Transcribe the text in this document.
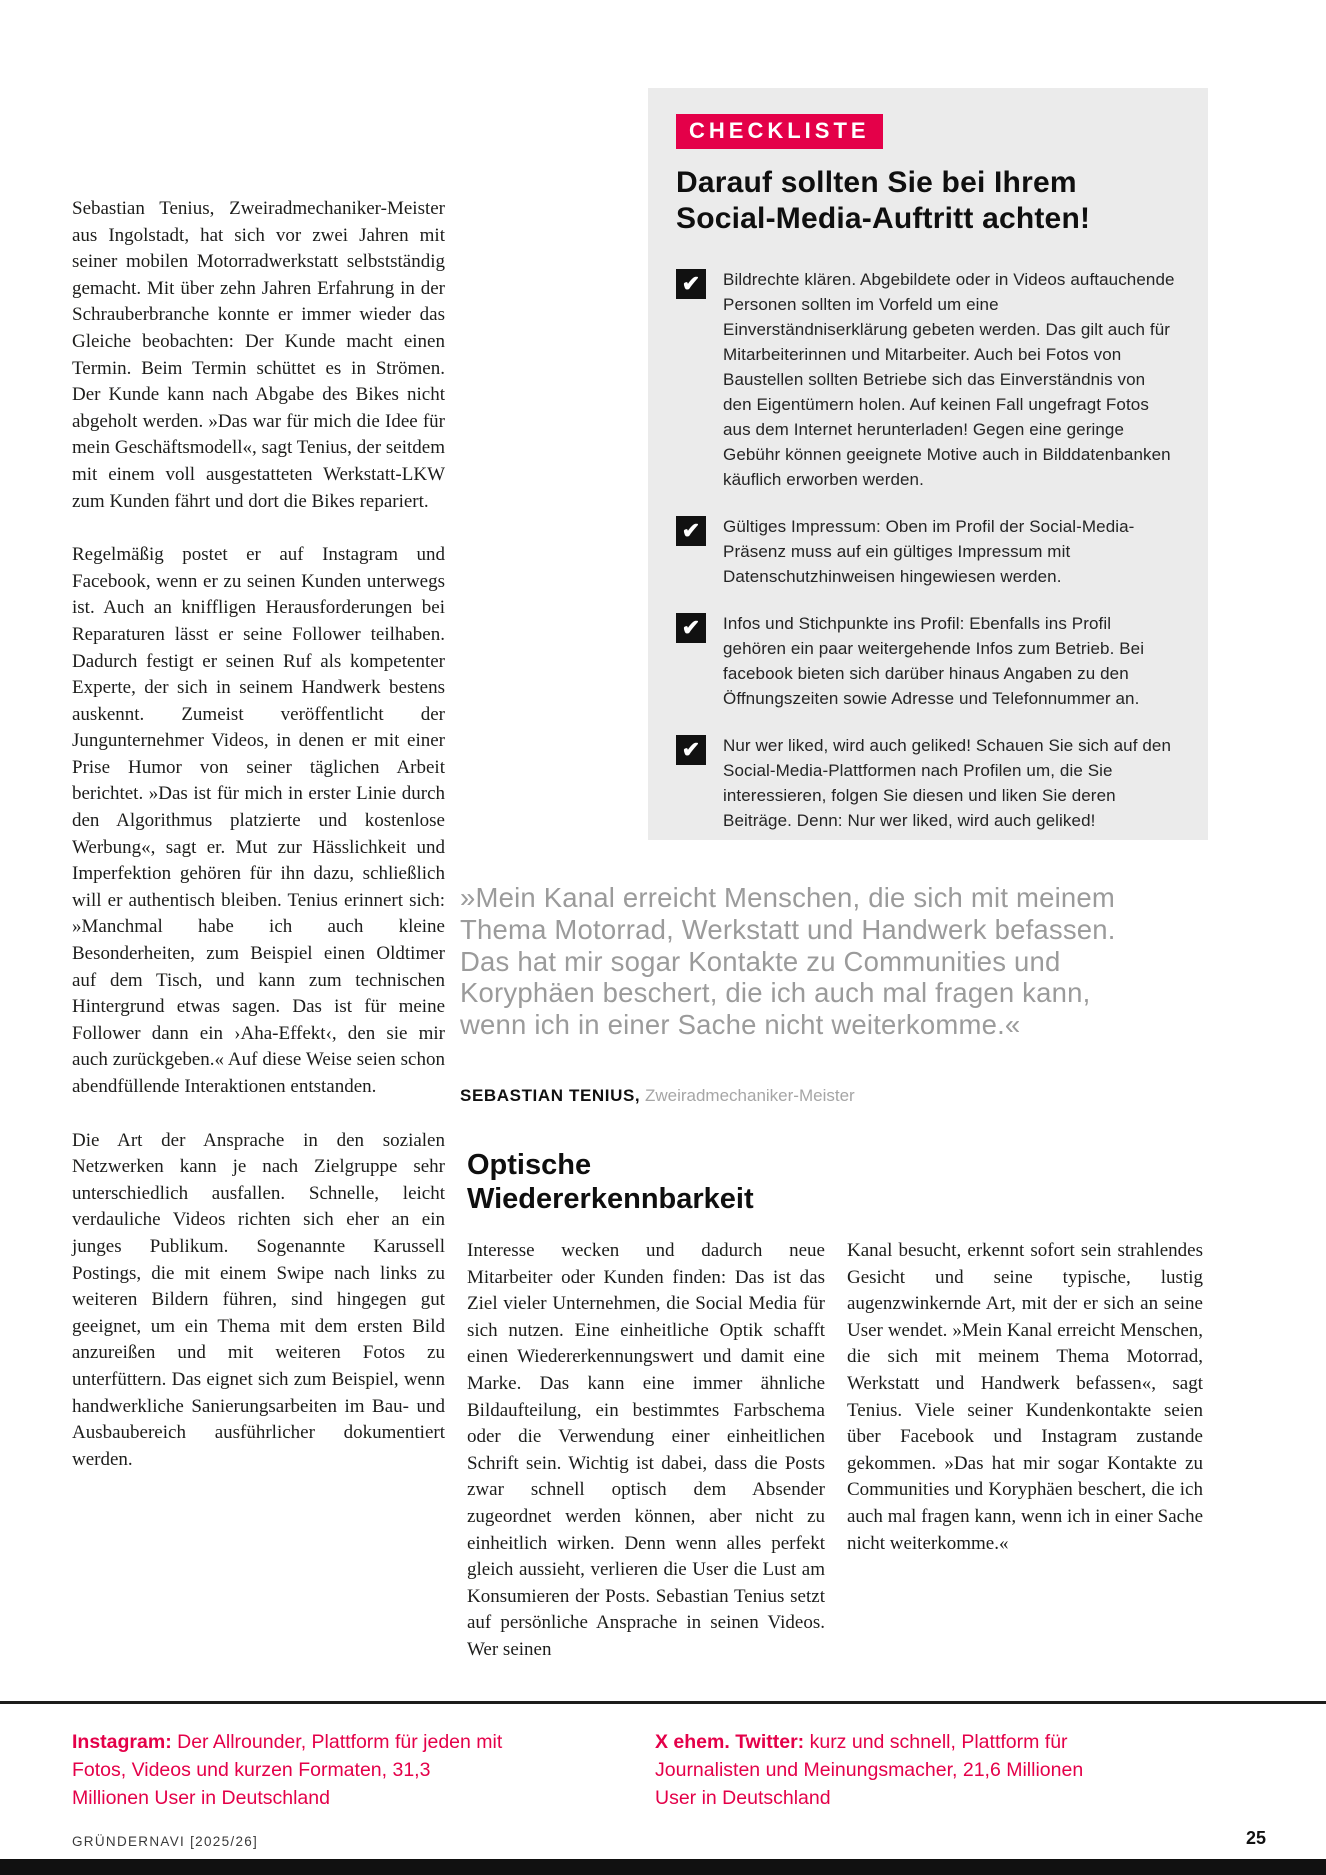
Sebastian Tenius, Zweiradmechaniker-Meister aus Ingolstadt, hat sich vor zwei Jahren mit seiner mobilen Motorradwerkstatt selbstständig gemacht. Mit über zehn Jahren Erfahrung in der Schrauberbranche konnte er immer wieder das Gleiche beobachten: Der Kunde macht einen Termin. Beim Termin schüttet es in Strömen. Der Kunde kann nach Abgabe des Bikes nicht abgeholt werden. »Das war für mich die Idee für mein Geschäftsmodell«, sagt Tenius, der seitdem mit einem voll ausgestatteten Werkstatt-LKW zum Kunden fährt und dort die Bikes repariert.

Regelmäßig postet er auf Instagram und Facebook, wenn er zu seinen Kunden unterwegs ist. Auch an kniffligen Herausforderungen bei Reparaturen lässt er seine Follower teilhaben. Dadurch festigt er seinen Ruf als kompetenter Experte, der sich in seinem Handwerk bestens auskennt. Zumeist veröffentlicht der Jungunternehmer Videos, in denen er mit einer Prise Humor von seiner täglichen Arbeit berichtet. »Das ist für mich in erster Linie durch den Algorithmus platzierte und kostenlose Werbung«, sagt er. Mut zur Hässlichkeit und Imperfektion gehören für ihn dazu, schließlich will er authentisch bleiben. Tenius erinnert sich: »Manchmal habe ich auch kleine Besonderheiten, zum Beispiel einen Oldtimer auf dem Tisch, und kann zum technischen Hintergrund etwas sagen. Das ist für meine Follower dann ein ›Aha-Effekt‹, den sie mir auch zurückgeben.« Auf diese Weise seien schon abendfüllende Interaktionen entstanden.

Die Art der Ansprache in den sozialen Netzwerken kann je nach Zielgruppe sehr unterschiedlich ausfallen. Schnelle, leicht verdauliche Videos richten sich eher an ein junges Publikum. Sogenannte Karussell Postings, die mit einem Swipe nach links zu weiteren Bildern führen, sind hingegen gut geeignet, um ein Thema mit dem ersten Bild anzureißen und mit weiteren Fotos zu unterfüttern. Das eignet sich zum Beispiel, wenn handwerkliche Sanierungsarbeiten im Bau- und Ausbaubereich ausführlicher dokumentiert werden.

CHECKLISTE
Darauf sollten Sie bei Ihrem Social-Media-Auftritt achten!
✔	Bildrechte klären. Abgebildete oder in Videos auftauchende Personen sollten im Vorfeld um eine Einverständniserklärung gebeten werden. Das gilt auch für Mitarbeiterinnen und Mitarbeiter. Auch bei Fotos von Baustellen sollten Betriebe sich das Einverständnis von den Eigentümern holen. Auf keinen Fall ungefragt Fotos aus dem Internet herunterladen! Gegen eine geringe Gebühr können geeignete Motive auch in Bilddatenbanken käuflich erworben werden.

✔	Gültiges Impressum: Oben im Profil der Social-Media-Präsenz muss auf ein gültiges Impressum mit Datenschutzhinweisen hingewiesen werden.

✔	Infos und Stichpunkte ins Profil: Ebenfalls ins Profil gehören ein paar weitergehende Infos zum Betrieb. Bei facebook bieten sich darüber hinaus Angaben zu den Öffnungszeiten sowie Adresse und Telefonnummer an.

✔	Nur wer liked, wird auch geliked! Schauen Sie sich auf den Social-Media-Plattformen nach Profilen um, die Sie interessieren, folgen Sie diesen und liken Sie deren Beiträge. Denn: Nur wer liked, wird auch geliked!

»Mein Kanal erreicht Menschen, die sich mit meinem Thema Motorrad, Werkstatt und Handwerk befassen. Das hat mir sogar Kontakte zu Communities und Koryphäen beschert, die ich auch mal fragen kann, wenn ich in einer Sache nicht weiterkomme.«
SEBASTIAN TENIUS, Zweiradmechaniker-Meister
Optische Wiedererkennbarkeit
Interesse wecken und dadurch neue Mitarbeiter oder Kunden finden: Das ist das Ziel vieler Unternehmen, die Social Media für sich nutzen. Eine einheitliche Optik schafft einen Wiedererkennungswert und damit eine Marke. Das kann eine immer ähnliche Bildaufteilung, ein bestimmtes Farbschema oder die Verwendung einer einheitlichen Schrift sein. Wichtig ist dabei, dass die Posts zwar schnell optisch dem Absender zugeordnet werden können, aber nicht zu einheitlich wirken. Denn wenn alles perfekt gleich aussieht, verlieren die User die Lust am Konsumieren der Posts. Sebastian Tenius setzt auf persönliche Ansprache in seinen Videos. Wer seinen
Kanal besucht, erkennt sofort sein strahlendes Gesicht und seine typische, lustig augenzwinkernde Art, mit der er sich an seine User wendet. »Mein Kanal erreicht Menschen, die sich mit meinem Thema Motorrad, Werkstatt und Handwerk befassen«, sagt Tenius. Viele seiner Kundenkontakte seien über Facebook und Instagram zustande gekommen. »Das hat mir sogar Kontakte zu Communities und Koryphäen beschert, die ich auch mal fragen kann, wenn ich in einer Sache nicht weiterkomme.«
Instagram: Der Allrounder, Plattform für jeden mit Fotos, Videos und kurzen Formaten, 31,3 Millionen User in Deutschland
X ehem. Twitter: kurz und schnell, Plattform für Journalisten und Meinungsmacher, 21,6 Millionen User in Deutschland
GRÜNDERNAVI [2025/26]	25
